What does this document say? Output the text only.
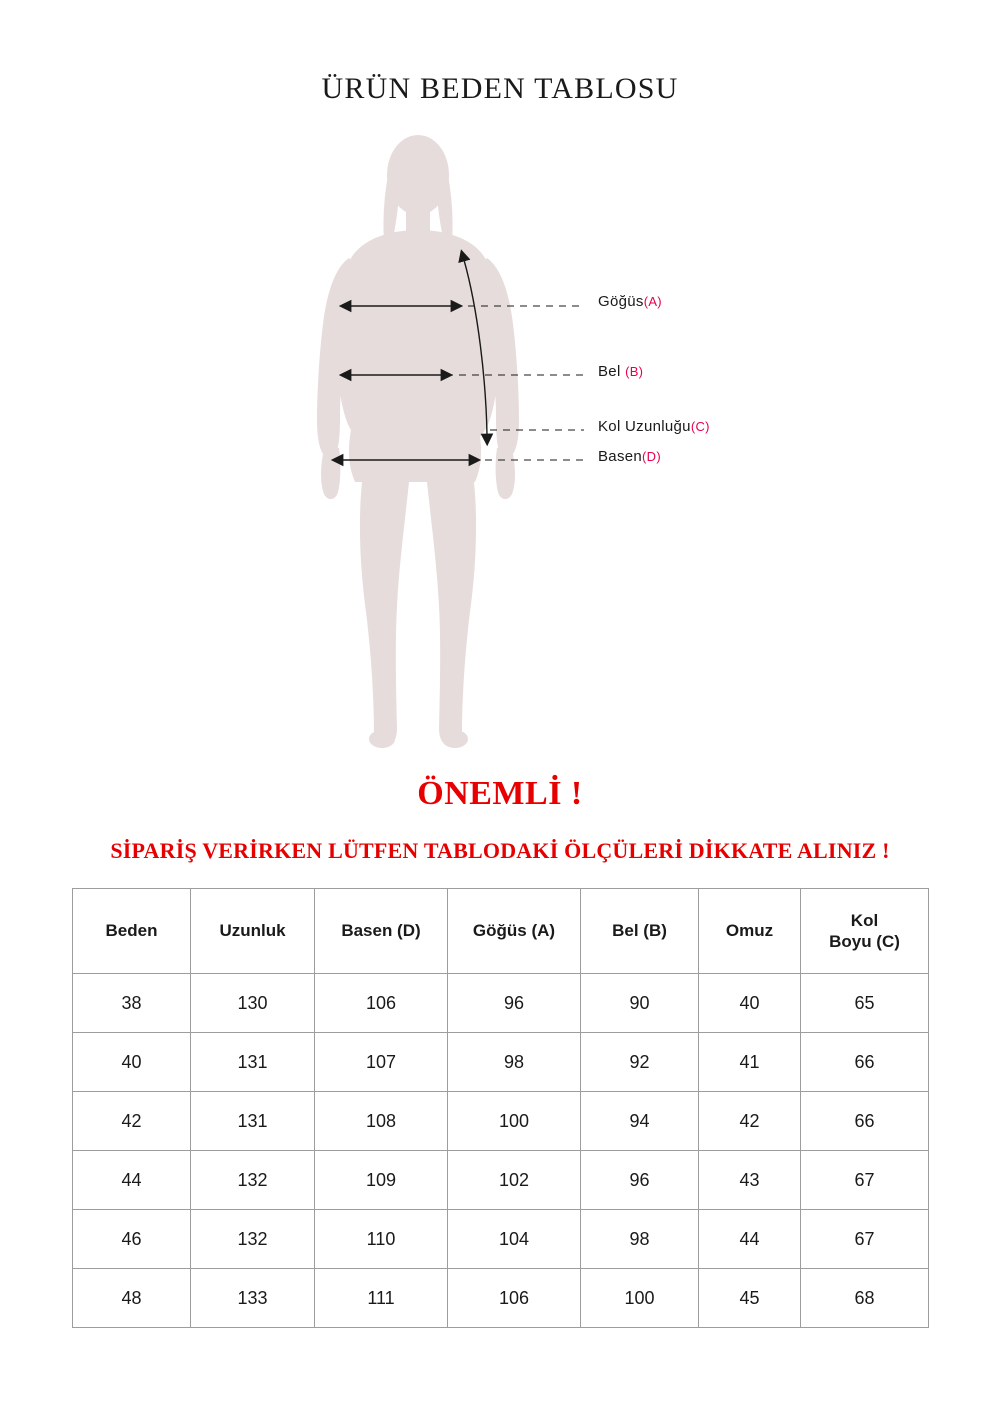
ÜRÜN BEDEN TABLOSU
Göğüs(A)
Bel (B)
Kol Uzunluğu(C)
Basen(D)
ÖNEMLİ !
SİPARİŞ VERİRKEN LÜTFEN TABLODAKİ ÖLÇÜLERİ DİKKATE ALINIZ !
Beden	Uzunluk	Basen (D)	Göğüs (A)	Bel (B)	Omuz	Kol
Boyu (C)
38	130	106	96	90	40	65
40	131	107	98	92	41	66
42	131	108	100	94	42	66
44	132	109	102	96	43	67
46	132	110	104	98	44	67
48	133	111	106	100	45	68
